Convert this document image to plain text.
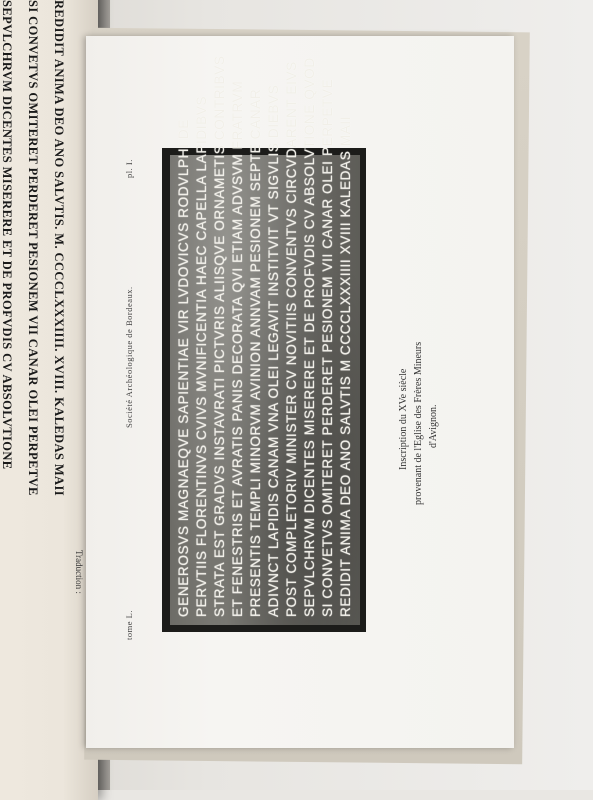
SEPVLCHRVM DICENTES MISERERE ET DE PROFVDIS CV ABSOLVTIONE SI CONVETVS OMITERET PERDERET PESIONEM VII CANAR OLEI PERPETVE REDIDIT ANIMA DEO ANO SALVTIS. M. CCCCLXXXIIII. XVIII. KALEDAS MAII
Traduction :
tome L.
Société Archéologique de Bordeaux.
pl. I.	GENEROSVS MAGNAEQVE SAPIENTIAE VIR LVDOVICVS RODVLPHI DE PERVTIIS FLORENTINVS CVIVS MVNIFICENTIA HAEC CAPELLA LAPIDIBVS STRATA EST GRADVS INSTAVRATI PICTVRIS ALIISQVE ORNAMETIS CONTRIBVS ET FENESTRIS ET AVRATIS PANIS DECORATA QVI ETIAM ADVSVM FRATRVM PRESENTIS TEMPLI MINORVM AVINION ANNVAM PESIONEM SEPTE CANAR ADIVNCT LAPIDIS CANAM VNA OLEI LEGAVIT INSTITVIT VT SIGVLIS DIEBVS POST COMPLETORIV MINISTER CV NOVITIIS CONVENTVS CIRCVDARENT EIVS SEPVLCHRVM DICENTES MISERERE ET DE PROFVDIS CV ABSOLVTIONE QVOD SI CONVETVS OMITERET PERDERET PESIONEM VII CANAR OLEI PERPETVE REDIDIT ANIMA DEO ANO SALVTIS M CCCCLXXXIIII XVIII KALEDAS MAII	Inscription du XVe siècle provenant de l'Eglise des Frères Mineurs d'Avignon.
